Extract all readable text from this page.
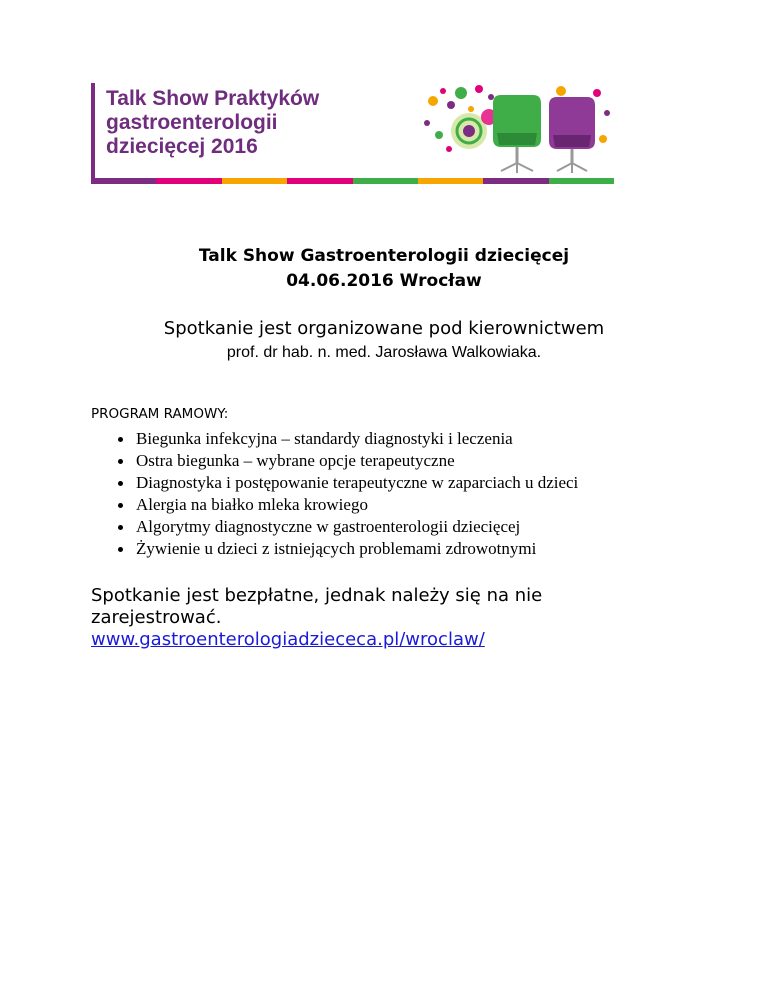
Talk Show Praktyków
gastroenterologii
dziecięcej 2016

Talk Show Gastroenterologii dziecięcej
04.06.2016 Wrocław
Spotkanie jest organizowane pod kierownictwem
prof. dr hab. n. med. Jarosława Walkowiaka.
PROGRAM RAMOWY:
Biegunka infekcyjna – standardy diagnostyki i leczenia
Ostra biegunka – wybrane opcje terapeutyczne
Diagnostyka i postępowanie terapeutyczne w zaparciach u dzieci
Alergia na białko mleka krowiego
Algorytmy diagnostyczne w gastroenterologii dziecięcej
Żywienie u dzieci z istniejących problemami zdrowotnymi
Spotkanie jest bezpłatne, jednak należy się na nie zarejestrować.
www.gastroenterologiadziececa.pl/wroclaw/
